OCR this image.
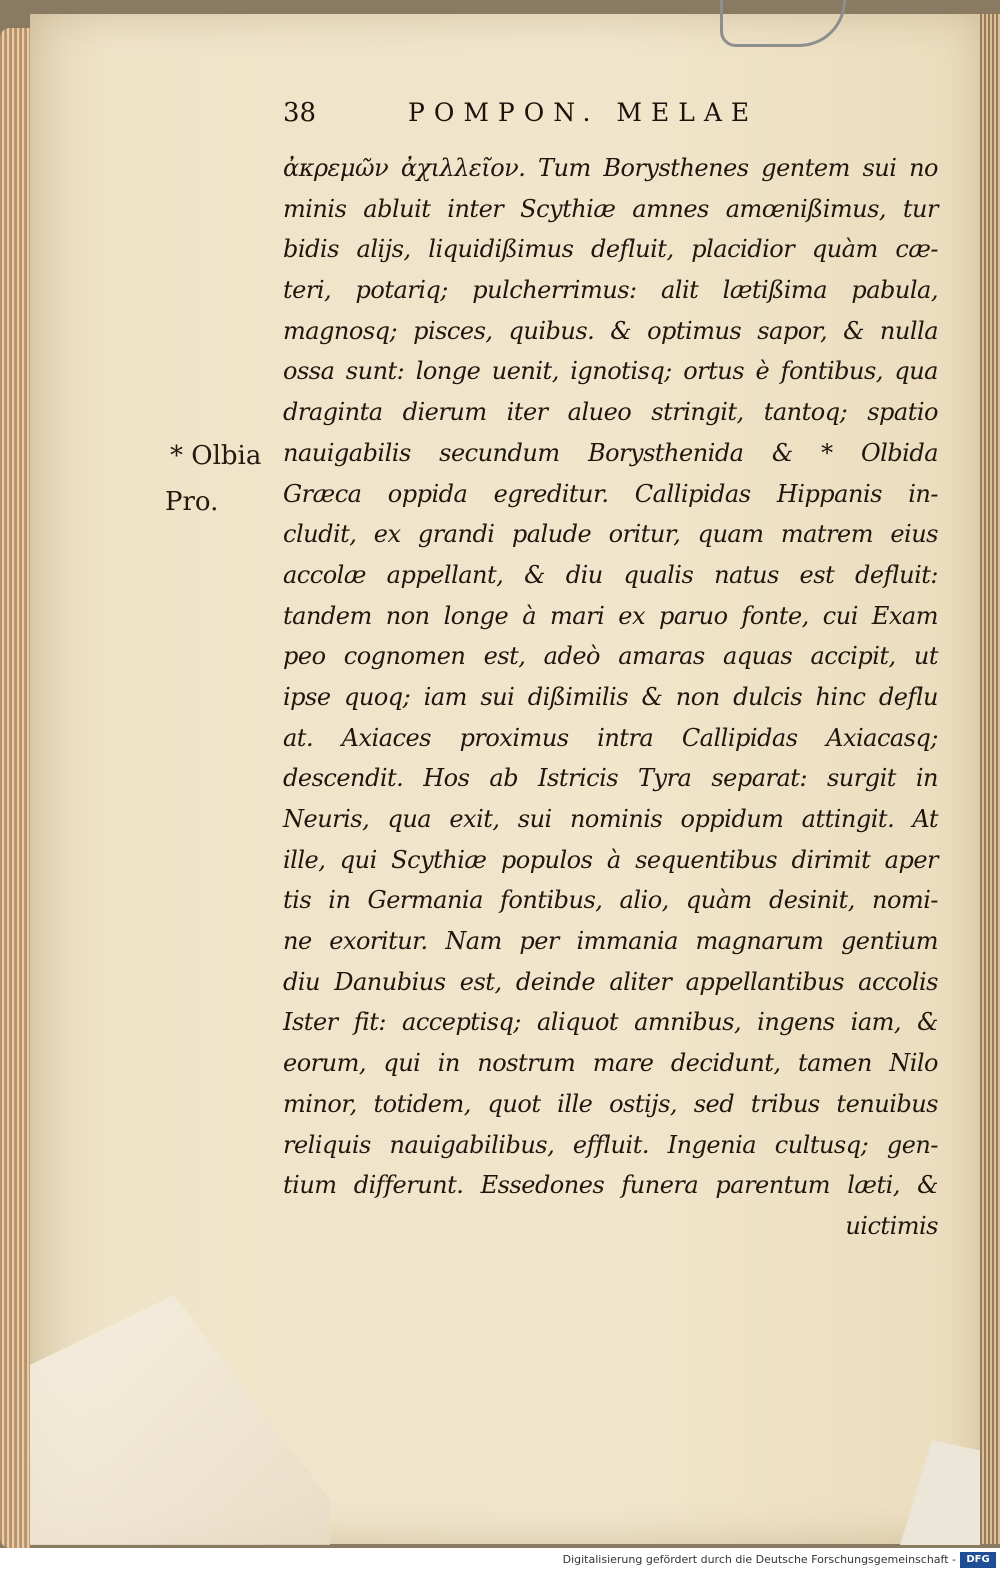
38	POMPON. MELAE
* Olbia
Pro.
ἀκρεμῶν ἀχιλλεῖον. Tum Borysthenes gentem sui no
minis abluit inter Scythiæ amnes amœnißimus, tur
bidis alijs, liquidißimus defluit, placidior quàm cæ-
teri, potariq; pulcherrimus: alit lætißima pabula,
magnosq; pisces, quibus. & optimus sapor, & nulla
ossa sunt: longe uenit, ignotisq; ortus è fontibus, qua
draginta dierum iter alueo stringit, tantoq; spatio
nauigabilis secundum Borysthenida & * Olbida
Græca oppida egreditur. Callipidas Hippanis in-
cludit, ex grandi palude oritur, quam matrem eius
accolæ appellant, & diu qualis natus est defluit:
tandem non longe à mari ex paruo fonte, cui Exam
peo cognomen est, adeò amaras aquas accipit, ut
ipse quoq; iam sui dißimilis & non dulcis hinc deflu
at. Axiaces proximus intra Callipidas Axiacasq;
descendit. Hos ab Istricis Tyra separat: surgit in
Neuris, qua exit, sui nominis oppidum attingit. At
ille, qui Scythiæ populos à sequentibus dirimit aper
tis in Germania fontibus, alio, quàm desinit, nomi-
ne exoritur. Nam per immania magnarum gentium
diu Danubius est, deinde aliter appellantibus accolis
Ister fit: acceptisq; aliquot amnibus, ingens iam, &
eorum, qui in nostrum mare decidunt, tamen Nilo
minor, totidem, quot ille ostijs, sed tribus tenuibus
reliquis nauigabilibus, effluit. Ingenia cultusq; gen-
tium differunt. Essedones funera parentum læti, &
uictimis
Digitalisierung gefördert durch die Deutsche Forschungsgemeinschaft -	DFG
